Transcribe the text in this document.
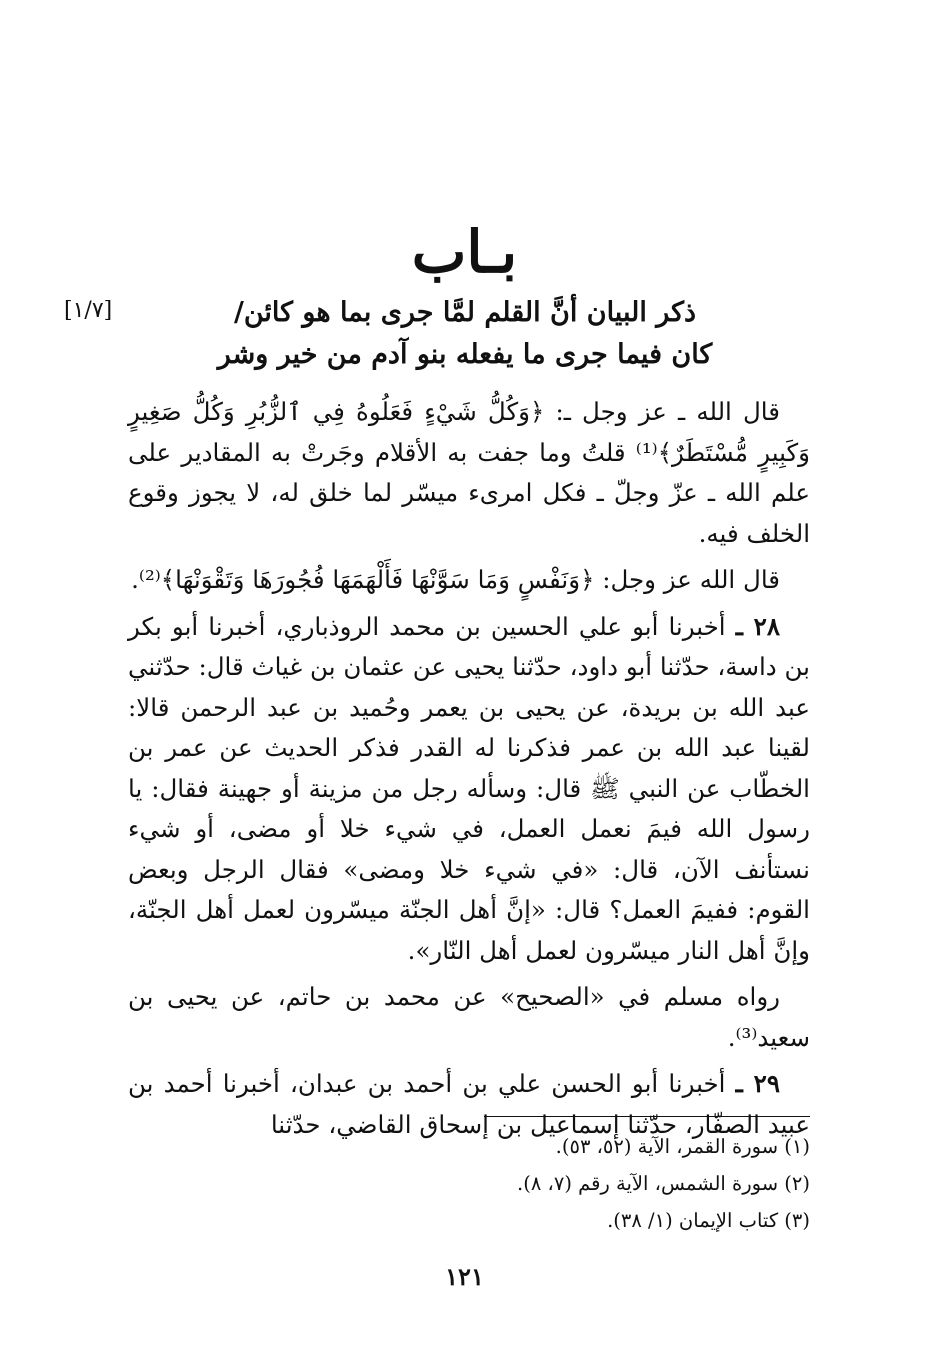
بـاب
[١/٧]	ذكر البيان أنَّ القلم لمَّا جرى بما هو كائن/
كان فيما جرى ما يفعله بنو آدم من خير وشر

قال الله ـ عز وجل ـ: ﴿وَكُلُّ شَيْءٍ فَعَلُوهُ فِي ٱلزُّبُرِ وَكُلُّ صَغِيرٍ وَكَبِيرٍ مُّسْتَطَرٌ﴾⁽¹⁾ قلتُ وما جفت به الأقلام وجَرتْ به المقادير على علم الله ـ عزّ وجلّ ـ فكل امرىء ميسّر لما خلق له، لا يجوز وقوع الخلف فيه.

قال الله عز وجل: ﴿وَنَفْسٍ وَمَا سَوَّنْهَا فَأَلْهَمَهَا فُجُورَهَا وَتَقْوَنْهَا﴾⁽²⁾.

٢٨ ـ أخبرنا أبو علي الحسين بن محمد الروذباري، أخبرنا أبو بكر بن داسة، حدّثنا أبو داود، حدّثنا يحيى عن عثمان بن غياث قال: حدّثني عبد الله بن بريدة، عن يحيى بن يعمر وحُميد بن عبد الرحمن قالا: لقينا عبد الله بن عمر فذكرنا له القدر فذكر الحديث عن عمر بن الخطّاب عن النبي ﷺ قال: وسأله رجل من مزينة أو جهينة فقال: يا رسول الله فيمَ نعمل العمل، في شيء خلا أو مضى، أو شيء نستأنف الآن، قال: «في شيء خلا ومضى» فقال الرجل وبعض القوم: ففيمَ العمل؟ قال: «إنَّ أهل الجنّة ميسّرون لعمل أهل الجنّة، وإنَّ أهل النار ميسّرون لعمل أهل النّار».

رواه مسلم في «الصحيح» عن محمد بن حاتم، عن يحيى بن سعيد⁽³⁾.

٢٩ ـ أخبرنا أبو الحسن علي بن أحمد بن عبدان، أخبرنا أحمد بن عبيد الصفّار، حدّثنا إسماعيل بن إسحاق القاضي، حدّثنا

(١) سورة القمر، الآية (٥٢، ٥٣).
(٢) سورة الشمس، الآية رقم (٧، ٨).
(٣) كتاب الإيمان (١/ ٣٨).
١٢١
